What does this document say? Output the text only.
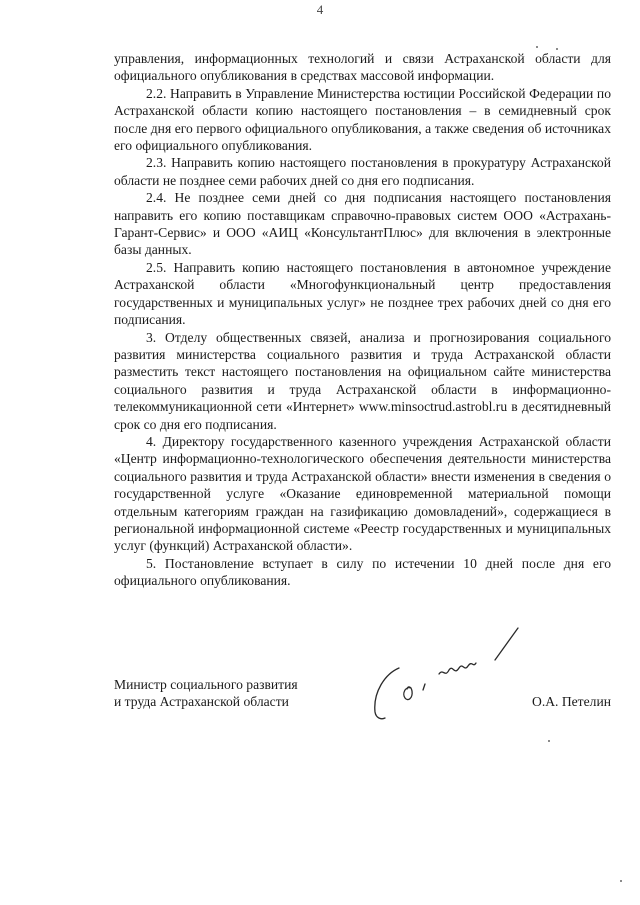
4

управления, информационных технологий и связи Астраханской области для официального опубликования в средствах массовой информации.

2.2. Направить в Управление Министерства юстиции Российской Федерации по Астраханской области копию настоящего постановления – в семидневный срок после дня его первого официального опубликования, а также сведения об источниках его официального опубликования.

2.3. Направить копию настоящего постановления в прокуратуру Астраханской области не позднее семи рабочих дней со дня его подписания.

2.4. Не позднее семи дней со дня подписания настоящего постановления направить его копию поставщикам справочно-правовых систем ООО «Астрахань-Гарант-Сервис» и ООО «АИЦ «КонсультантПлюс» для включения в электронные базы данных.

2.5. Направить копию настоящего постановления в автономное учреждение Астраханской области «Многофункциональный центр предоставления государственных и муниципальных услуг» не позднее трех рабочих дней со дня его подписания.

3. Отделу общественных связей, анализа и прогнозирования социального развития министерства социального развития и труда Астраханской области разместить текст настоящего постановления на официальном сайте министерства социального развития и труда Астраханской области в информационно-телекоммуникационной сети «Интернет» www.minsoctrud.astrobl.ru в десятидневный срок со дня его подписания.

4. Директору государственного казенного учреждения Астраханской области «Центр информационно-технологического обеспечения деятельности министерства социального развития и труда Астраханской области» внести изменения в сведения о государственной услуге «Оказание единовременной материальной помощи отдельным категориям граждан на газификацию домовладений», содержащиеся в региональной информационной системе «Реестр государственных и муниципальных услуг (функций) Астраханской области».

5. Постановление вступает в силу по истечении 10 дней после дня его официального опубликования.

Министр социального развития
и труда Астраханской области	О.А. Петелин
